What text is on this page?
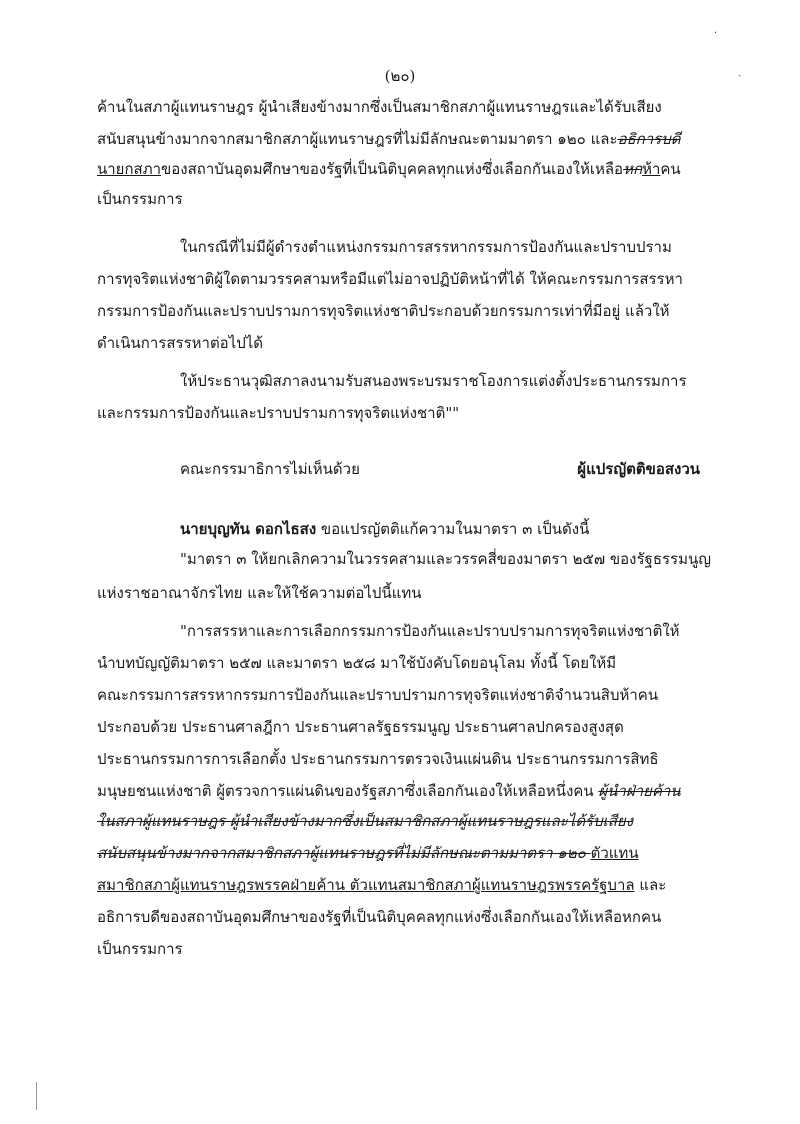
·
ˏ
(๒๐)
ค้านในสภาผู้แทนราษฎร ผู้นำเสียงข้างมากซึ่งเป็นสมาชิกสภาผู้แทนราษฎรและได้รับเสียง
สนับสนุนข้างมากจากสมาชิกสภาผู้แทนราษฎรที่ไม่มีลักษณะตามมาตรา ๑๒๐ และอธิการบดี
นายกสภาของสถาบันอุดมศึกษาของรัฐที่เป็นนิติบุคคลทุกแห่งซึ่งเลือกกันเองให้เหลือหกห้าคน
เป็นกรรมการ
ในกรณีที่ไม่มีผู้ดำรงตำแหน่งกรรมการสรรหากรรมการป้องกันและปราบปราม
การทุจริตแห่งชาติผู้ใดตามวรรคสามหรือมีแต่ไม่อาจปฏิบัติหน้าที่ได้ ให้คณะกรรมการสรรหา
กรรมการป้องกันและปราบปรามการทุจริตแห่งชาติประกอบด้วยกรรมการเท่าที่มีอยู่ แล้วให้
ดำเนินการสรรหาต่อไปได้
ให้ประธานวุฒิสภาลงนามรับสนองพระบรมราชโองการแต่งตั้งประธานกรรมการ
และกรรมการป้องกันและปราบปรามการทุจริตแห่งชาติ""
คณะกรรมาธิการไม่เห็นด้วย	ผู้แปรญัตติขอสงวน
นายบุญทัน ดอกไธสง ขอแปรญัตติแก้ความในมาตรา ๓ เป็นดังนี้
"มาตรา ๓ ให้ยกเลิกความในวรรคสามและวรรคสี่ของมาตรา ๒๕๗ ของรัฐธรรมนูญ
แห่งราชอาณาจักรไทย และให้ใช้ความต่อไปนี้แทน
"การสรรหาและการเลือกกรรมการป้องกันและปราบปรามการทุจริตแห่งชาติให้
นำบทบัญญัติมาตรา ๒๕๗ และมาตรา ๒๕๘ มาใช้บังคับโดยอนุโลม ทั้งนี้ โดยให้มี
คณะกรรมการสรรหากรรมการป้องกันและปราบปรามการทุจริตแห่งชาติจำนวนสิบห้าคน
ประกอบด้วย ประธานศาลฎีกา ประธานศาลรัฐธรรมนูญ ประธานศาลปกครองสูงสุด
ประธานกรรมการการเลือกตั้ง ประธานกรรมการตรวจเงินแผ่นดิน ประธานกรรมการสิทธิ
มนุษยชนแห่งชาติ ผู้ตรวจการแผ่นดินของรัฐสภาซึ่งเลือกกันเองให้เหลือหนึ่งคน ผู้นำฝ่ายค้าน
ในสภาผู้แทนราษฎร ผู้นำเสียงข้างมากซึ่งเป็นสมาชิกสภาผู้แทนราษฎรและได้รับเสียง
สนับสนุนข้างมากจากสมาชิกสภาผู้แทนราษฎรที่ไม่มีลักษณะตามมาตรา ๑๒๐ ตัวแทน
สมาชิกสภาผู้แทนราษฎรพรรคฝ่ายค้าน ตัวแทนสมาชิกสภาผู้แทนราษฎรพรรครัฐบาล และ
อธิการบดีของสถาบันอุดมศึกษาของรัฐที่เป็นนิติบุคคลทุกแห่งซึ่งเลือกกันเองให้เหลือหกคน
เป็นกรรมการ
